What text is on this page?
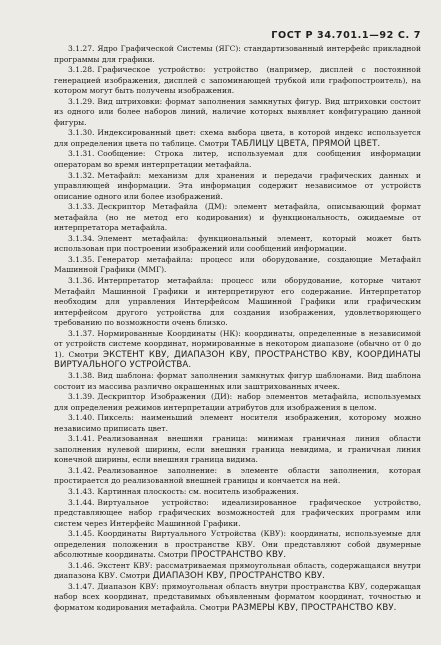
ГОСТ Р 34.701.1—92 С. 7

3.1.27. Ядро Графической Системы (ЯГС): стандартизованный интерфейс прикладной программы для графики.

3.1.28. Графическое устройство: устройство (например, дисплей с постоянной генерацией изображения, дисплей с запоминающей трубкой или графопостроитель), на котором могут быть получены изображения.

3.1.29. Вид штриховки: формат заполнения замкнутых фигур. Вид штриховки состоит из одного или более наборов линий, наличие которых выявляет конфигурацию данной фигуры.

3.1.30. Индексированный цвет: схема выбора цвета, в которой индекс используется для определения цвета по таблице. Смотри ТАБЛИЦУ ЦВЕТА, ПРЯМОЙ ЦВЕТ.

3.1.31. Сообщение: Строка литер, используемая для сообщения информации операторам во время интерпретации метафайла.

3.1.32. Метафайл: механизм для хранения и передачи графических данных и управляющей информации. Эта информация содержит независимое от устройств описание одного или более изображений.

3.1.33. Дескриптор Метафайла (ДМ): элемент метафайла, описывающий формат метафайла (но не метод его кодирования) и функциональность, ожидаемые от интерпретатора метафайла.

3.1.34. Элемент метафайла: функциональный элемент, который может быть использован при построении изображений или сообщений информации.

3.1.35. Генератор метафайла: процесс или оборудование, создающие Метафайл Машинной Графики (ММГ).

3.1.36. Интерпретатор метафайла: процесс или оборудование, которые читают Метафайл Машинной Графики и интерпретируют его содержание. Интерпретатор необходим для управления Интерфейсом Машинной Графики или графическим интерфейсом другого устройства для создания изображения, удовлетворяющего требованию по возможности очень близко.

3.1.37. Нормированные Координаты (НК): координаты, определенные в независимой от устройств системе координат, нормированные в некотором диапазоне (обычно от 0 до 1). Смотри ЭКСТЕНТ КВУ, ДИАПАЗОН КВУ, ПРОСТРАНСТВО КВУ, КООРДИНАТЫ ВИРТУАЛЬНОГО УСТРОЙСТВА.

3.1.38. Вид шаблона: формат заполнения замкнутых фигур шаблонами. Вид шаблона состоит из массива различно окрашенных или заштрихованных ячеек.

3.1.39. Дескриптор Изображения (ДИ): набор элементов метафайла, используемых для определения режимов интерпретации атрибутов для изображения в целом.

3.1.40. Пиксель: наименьший элемент носителя изображения, которому можно независимо приписать цвет.

3.1.41. Реализованная внешняя граница: минимая граничная линия области заполнения нулевой ширины, если внешняя граница невидима, и граничная линия конечной ширины, если внешняя граница видима.

3.1.42. Реализованное заполнение: в элементе области заполнения, которая простирается до реализованной внешней границы и кончается на ней.

3.1.43. Картинная плоскость: см. носитель изображения.

3.1.44. Виртуальное устройство: идеализированное графическое устройство, представляющее набор графических возможностей для графических программ или систем через Интерфейс Машинной Графики.

3.1.45. Координаты Виртуального Устройства (КВУ): координаты, используемые для определения положения в пространстве КВУ. Они представляют собой двумерные абсолютные координаты. Смотри ПРОСТРАНСТВО КВУ.

3.1.46. Экстент КВУ: рассматриваемая прямоугольная область, содержащаяся внутри диапазона КВУ. Смотри ДИАПАЗОН КВУ, ПРОСТРАНСТВО КВУ.

3.1.47. Диапазон КВУ: прямоугольная область внутри пространства КВУ, содержащая набор всех координат, представимых объявленным форматом координат, точностью и форматом кодирования метафайла. Смотри РАЗМЕРЫ КВУ, ПРОСТРАНСТВО КВУ.
